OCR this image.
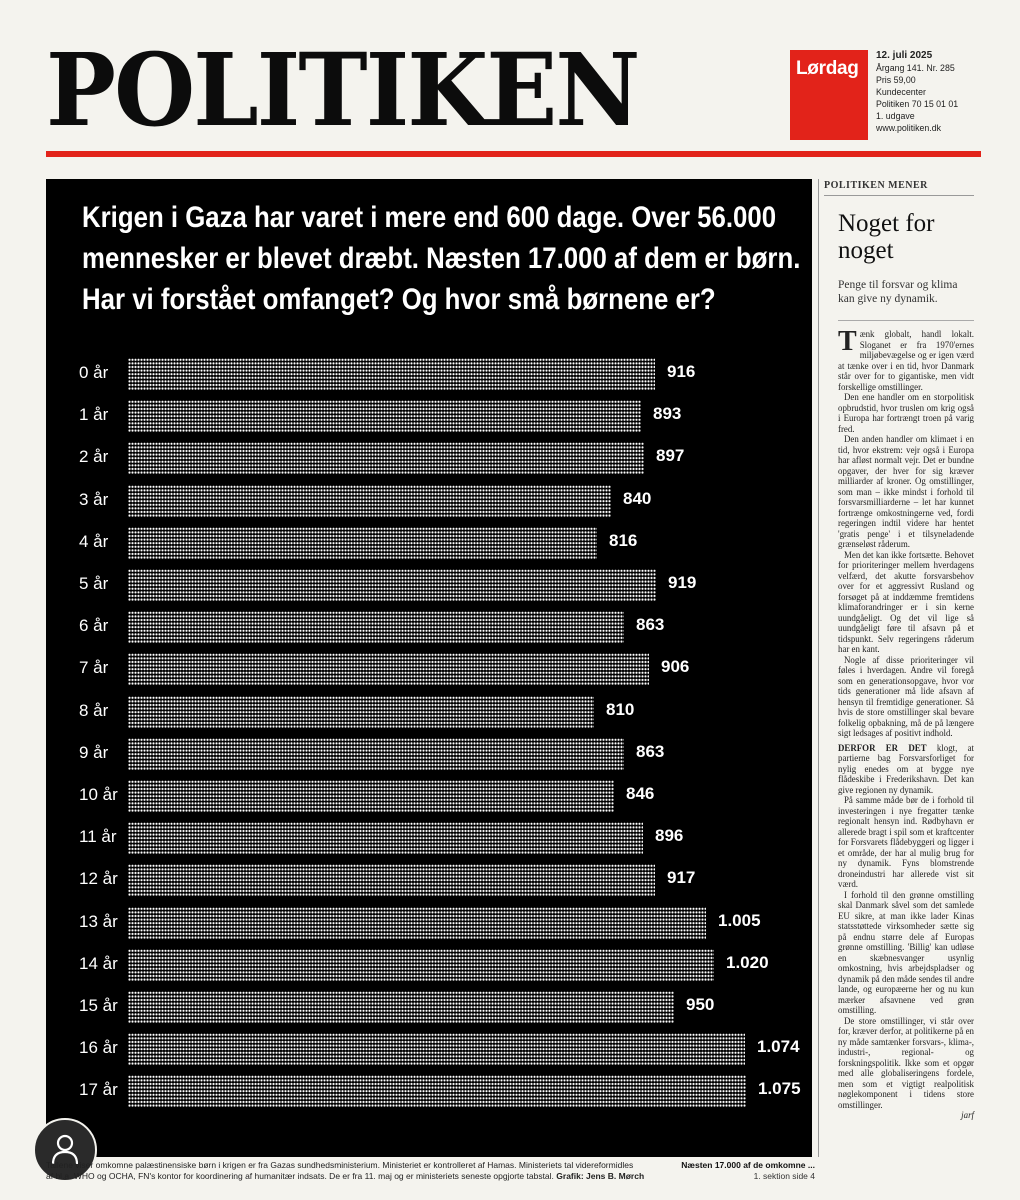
POLITIKEN	Lørdag
12. juli 2025
Årgang 141. Nr. 285
Pris 59,00
Kundecenter
Politiken 70 15 01 01
1. udgave
www.politiken.dk
Krigen i Gaza har varet i mere end 600 dage. Over 56.000
mennesker er blevet dræbt. Næsten 17.000 af dem er børn.
Har vi forstået omfanget? Og hvor små børnene er?
0 år	916
1 år	893
2 år	897
3 år	840
4 år	816
5 år	919
6 år	863
7 år	906
8 år	810
9 år	863
10 år	846
11 år	896
12 år	917
13 år	1.005
14 år	1.020
15 år	950
16 år	1.074
17 år	1.075
Tallene viser omkomne palæstinensiske børn i krigen er fra Gazas sundhedsministerium. Ministeriet er kontrolleret af Hamas. Ministeriets tal videreformidles
af bl.a. WHO og OCHA, FN's kontor for koordinering af humanitær indsats. De er fra 11. maj og er ministeriets seneste opgjorte tabstal. Grafik: Jens B. Mørch
Næsten 17.000 af de omkomne ...
1. sektion side 4
POLITIKEN MENER
Noget for noget
Penge til forsvar og klima kan give ny dynamik.

Tænk globalt, handl lokalt. Sloganet er fra 1970'ernes miljøbevægelse og er igen værd at tænke over i en tid, hvor Danmark står over for to gigantiske, men vidt forskellige omstillinger.

Den ene handler om en storpolitisk opbrudstid, hvor truslen om krig også i Europa har fortrængt troen på varig fred.

Den anden handler om klimaet i en tid, hvor ekstrem: vejr også i Europa har afløst normalt vejr. Det er bundne opgaver, der hver for sig kræver milliarder af kroner. Og omstillinger, som man – ikke mindst i forhold til forsvarsmilliarderne – let har kunnet fortrænge omkostningerne ved, fordi regeringen indtil videre har hentet 'gratis penge' i et tilsyneladende grænseløst råderum.

Men det kan ikke fortsætte. Behovet for prioriteringer mellem hverdagens velfærd, det akutte forsvarsbehov over for et aggressivt Rusland og forsøget på at inddæmme fremtidens klimaforandringer er i sin kerne uundgåeligt. Og det vil lige så uundgåeligt føre til afsavn på et tidspunkt. Selv regeringens råderum har en kant.

Nogle af disse prioriteringer vil føles i hverdagen. Andre vil foregå som en generationsopgave, hvor vor tids generationer må lide afsavn af hensyn til fremtidige generationer. Så hvis de store omstillinger skal bevare folkelig opbakning, må de på længere sigt ledsages af positivt indhold.

DERFOR ER DET klogt, at partierne bag Forsvarsforliget for nylig enedes om at bygge nye flådeskibe i Frederikshavn. Det kan give regionen ny dynamik.

På samme måde bør de i forhold til investeringen i nye fregatter tænke regionalt hensyn ind. Rødbyhavn er allerede bragt i spil som et kraftcenter for Forsvarets flådebyggeri og ligger i et område, der har al mulig brug for ny dynamik. Fyns blomstrende droneindustri har allerede vist sit værd.

I forhold til den grønne omstilling skal Danmark såvel som det samlede EU sikre, at man ikke lader Kinas statsstøttede virksomheder sætte sig på endnu større dele af Europas grønne omstilling. 'Billig' kan udløse en skæbnesvanger usynlig omkostning, hvis arbejdspladser og dynamik på den måde sendes til andre lande, og europæerne her og nu kun mærker afsavnene ved grøn omstilling.

De store omstillinger, vi står over for, kræver derfor, at politikerne på en ny måde samtænker forsvars-, klima-, industri-, regional- og forskningspolitik. Ikke som et opgør med alle globaliseringens fordele, men som et vigtigt realpolitisk nøglekomponent i tidens store omstillinger.

jarf
